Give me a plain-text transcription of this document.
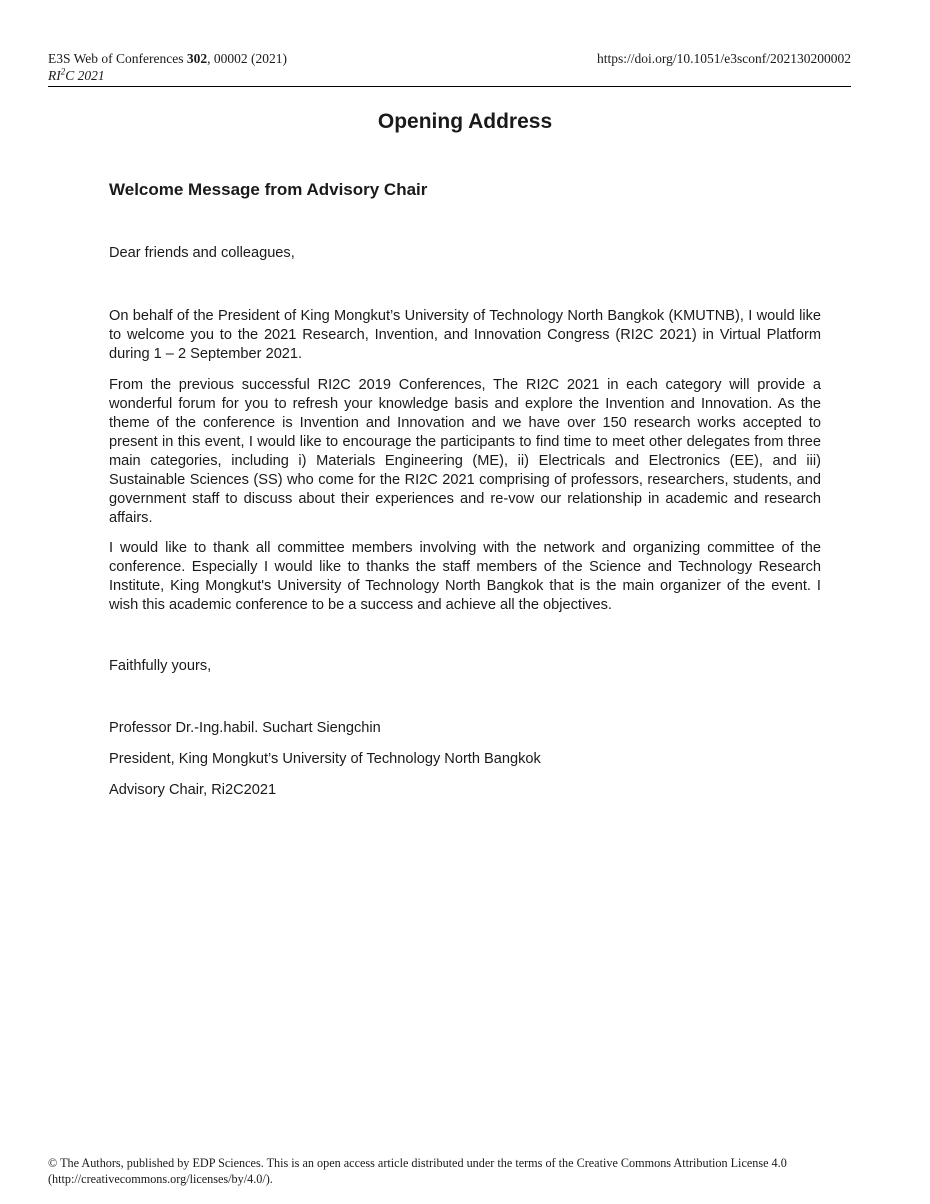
E3S Web of Conferences 302, 00002 (2021)
$RI^2C$ 2021
https://doi.org/10.1051/e3sconf/202130200002
Opening Address
Welcome Message from Advisory Chair
Dear friends and colleagues,

On behalf of the President of King Mongkut’s University of Technology North Bangkok (KMUTNB), I would like to welcome you to the 2021 Research, Invention, and Innovation Congress (RI2C 2021) in Virtual Platform during 1 – 2 September 2021.

From the previous successful RI2C 2019 Conferences, The RI2C 2021 in each category will provide a wonderful forum for you to refresh your knowledge basis and explore the Invention and Innovation. As the theme of the conference is Invention and Innovation and we have over 150 research works accepted to present in this event, I would like to encourage the participants to find time to meet other delegates from three main categories, including i) Materials Engineering (ME), ii) Electricals and Electronics (EE), and iii) Sustainable Sciences (SS) who come for the RI2C 2021 comprising of professors, researchers, students, and government staff to discuss about their experiences and re-vow our relationship in academic and research affairs.

I would like to thank all committee members involving with the network and organizing committee of the conference. Especially I would like to thanks the staff members of the Science and Technology Research Institute, King Mongkut's University of Technology North Bangkok that is the main organizer of the event. I wish this academic conference to be a success and achieve all the objectives.

Faithfully yours,
Professor Dr.-Ing.habil. Suchart Siengchin
President, King Mongkut’s University of Technology North Bangkok
Advisory Chair, Ri2C2021
© The Authors, published by EDP Sciences. This is an open access article distributed under the terms of the Creative Commons Attribution License 4.0
(http://creativecommons.org/licenses/by/4.0/).
